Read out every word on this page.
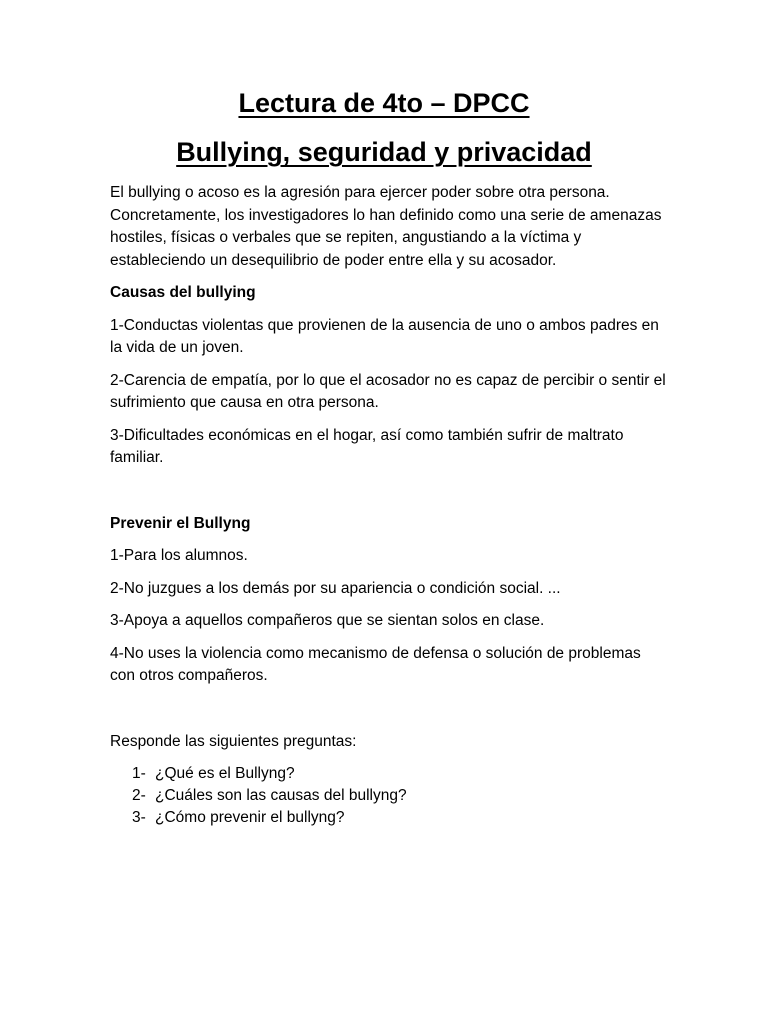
Lectura de 4to – DPCC
Bullying, seguridad y privacidad

El bullying o acoso es la agresión para ejercer poder sobre otra persona. Concretamente, los investigadores lo han definido como una serie de amenazas hostiles, físicas o verbales que se repiten, angustiando a la víctima y estableciendo un desequilibrio de poder entre ella y su acosador.

Causas del bullying

1-Conductas violentas que provienen de la ausencia de uno o ambos padres en la vida de un joven.

2-Carencia de empatía, por lo que el acosador no es capaz de percibir o sentir el sufrimiento que causa en otra persona.

3-Dificultades económicas en el hogar, así como también sufrir de maltrato familiar.

Prevenir el Bullyng

1-Para los alumnos.

2-No juzgues a los demás por su apariencia o condición social. ...

3-Apoya a aquellos compañeros que se sientan solos en clase.

4-No uses la violencia como mecanismo de defensa o solución de problemas con otros compañeros.

Responde las siguientes preguntas:

1- ¿Qué es el Bullyng?
2- ¿Cuáles son las causas del bullyng?
3- ¿Cómo prevenir el bullyng?
